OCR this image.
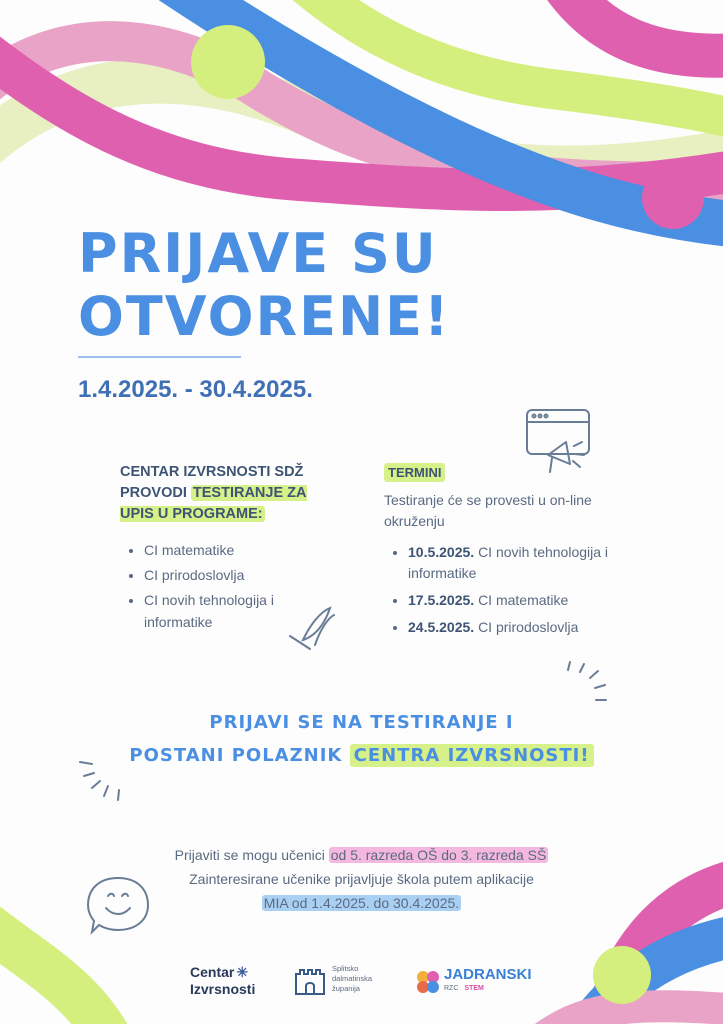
PRIJAVE SU
OTVORENE!
1.4.2025. - 30.4.2025.
CENTAR IZVRSNOSTI SDŽ PROVODI TESTIRANJE ZA UPIS U PROGRAME:
• CI matematike
• CI prirodoslovlja
• CI novih tehnologija i informatike
TERMINI
Testiranje će se provesti u on-line okruženju
• 10.5.2025. CI novih tehnologija i informatike
• 17.5.2025. CI matematike
• 24.5.2025. CI prirodoslovlja
PRIJAVI SE NA TESTIRANJE I
POSTANI POLAZNIK CENTRA IZVRSNOSTI!
Prijaviti se mogu učenici od 5. razreda OŠ do 3. razreda SŠ
Zainteresirane učenike prijavljuje škola putem aplikacije
MIA od 1.4.2025. do 30.4.2025.
Centar ✳
Izvrsnosti
Splitsko
dalmatinska
županija
JADRANSKI
RZC STEM
